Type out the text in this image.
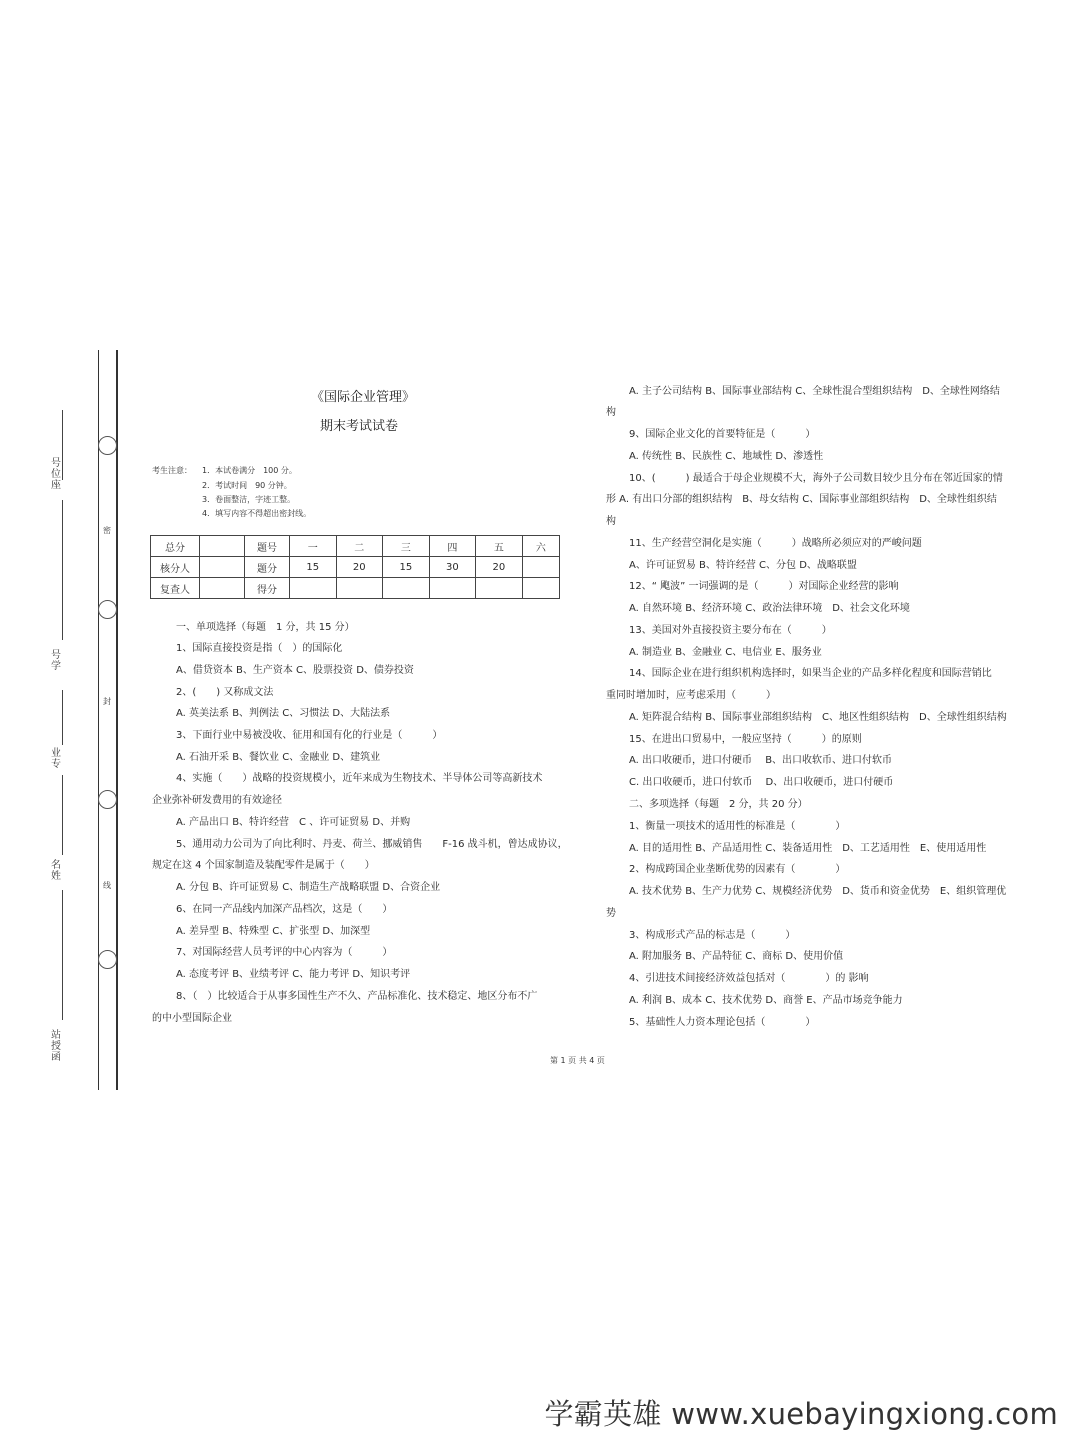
号位座
号学
业专
名姓
站授函
密
封
线
《国际企业管理》
期末考试试卷
考生注意： 1．本试卷满分　100 分。
2．考试时间　90 分钟。
3．卷面整洁，字迹工整。
4．填写内容不得超出密封线。
总分		题号	一	二	三	四	五	六
核分人		题分	15	20	15	30	20	
复查人		得分						
一、单项选择（每题　1 分，共 15 分）
1、国际直接投资是指（　）的国际化
A、借贷资本 B、生产资本 C、股票投资 D、债券投资
2、(　　) 又称成文法
A. 英美法系 B、判例法 C、习惯法 D、大陆法系
3、下面行业中易被没收、征用和国有化的行业是（　　　）
A. 石油开采 B、餐饮业 C、金融业 D、建筑业
4、实施（　　）战略的投资规模小，近年来成为生物技术、半导体公司等高新技术
企业弥补研发费用的有效途径
A. 产品出口 B、特许经营　C 、许可证贸易 D、并购
5、通用动力公司为了向比利时、丹麦、荷兰、挪威销售　　F-16 战斗机，曾达成协议，
规定在这 4 个国家制造及装配零件是属于（　　）
A. 分包 B、许可证贸易 C、制造生产战略联盟 D、合资企业
6、在同一产品线内加深产品档次，这是（　　）
A. 差异型 B、特殊型 C、扩张型 D、加深型
7、对国际经营人员考评的中心内容为（　　　）
A. 态度考评 B、业绩考评 C、能力考评 D、知识考评
8、（　）比较适合于从事多国性生产不久、产品标准化、技术稳定、地区分布不广
的中小型国际企业
A. 主子公司结构 B、国际事业部结构 C、全球性混合型组织结构　D、全球性网络结
构
9、国际企业文化的首要特征是（　　　）
A. 传统性 B、民族性 C、地域性 D、渗透性
10、(　　　) 最适合于母企业规模不大，海外子公司数目较少且分布在邻近国家的情
形 A. 有出口分部的组织结构　B、母女结构 C、国际事业部组织结构　D、全球性组织结
构
11、生产经营空洞化是实施（　　　）战略所必须应对的严峻问题
A、许可证贸易 B、特许经营 C、分包 D、战略联盟
12、“ 飑波” 一词强调的是（　　　）对国际企业经营的影响
A. 自然环境 B、经济环境 C、政治法律环境　D、社会文化环境
13、美国对外直接投资主要分布在（　　　）
A. 制造业 B、金融业 C、电信业 E、服务业
14、国际企业在进行组织机构选择时，如果当企业的产品多样化程度和国际营销比
重同时增加时，应考虑采用（　　　）
A. 矩阵混合结构 B、国际事业部组织结构　C、地区性组织结构　D、全球性组织结构
15、在进出口贸易中，一般应坚持（　　　）的原则
A. 出口收硬币，进口付硬币　 B、出口收软币、进口付软币
C. 出口收硬币，进口付软币　 D、出口收硬币，进口付硬币
二、多项选择（每题　2 分，共 20 分）
1、衡量一项技术的适用性的标准是（　　　　）
A. 目的适用性 B、产品适用性 C、装备适用性　D、工艺适用性　E、使用适用性
2、构成跨国企业垄断优势的因素有（　　　　）
A. 技术优势 B、生产力优势 C、规模经济优势　D、货币和资金优势　E、组织管理优
势
3、构成形式产品的标志是（　　　）
A. 附加服务 B、产品特征 C、商标 D、使用价值
4、引进技术间接经济效益包括对（　　　　）的 影响
A. 利润 B、成本 C、技术优势 D、商誉 E、产品市场竞争能力
5、基础性人力资本理论包括（　　　　）
第 1 页 共 4 页
学霸英雄 www.xuebayingxiong.com
